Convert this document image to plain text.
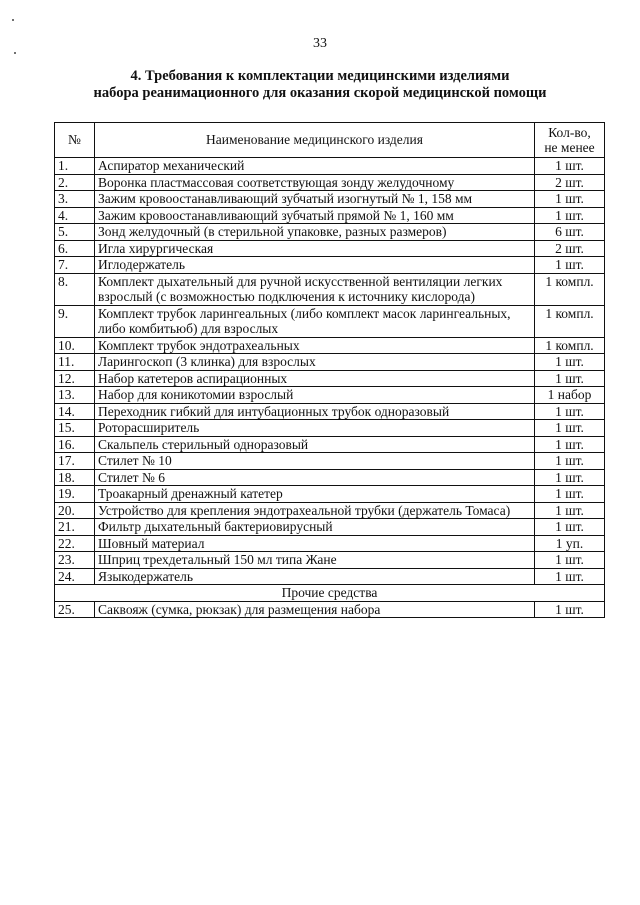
33
4. Требования к комплектации медицинскими изделиями
набора реанимационного для оказания скорой медицинской помощи
№	Наименование медицинского изделия	Кол-во,
не менее

1.	Аспиратор механический	1 шт.
2.	Воронка пластмассовая соответствующая зонду желудочному	2 шт.
3.	Зажим кровоостанавливающий зубчатый изогнутый № 1, 158 мм	1 шт.
4.	Зажим кровоостанавливающий зубчатый прямой № 1, 160 мм	1 шт.
5.	Зонд желудочный (в стерильной упаковке, разных размеров)	6 шт.
6.	Игла хирургическая	2 шт.
7.	Иглодержатель	1 шт.
8.	Комплект дыхательный для ручной искусственной вентиляции легких взрослый (с возможностью подключения к источнику кислорода)	1 компл.
9.	Комплект трубок ларингеальных (либо комплект масок ларингеальных, либо комбитьюб) для взрослых	1 компл.
10.	Комплект трубок эндотрахеальных	1 компл.
11.	Ларингоскоп (3 клинка) для взрослых	1 шт.
12.	Набор катетеров аспирационных	1 шт.
13.	Набор для коникотомии взрослый	1 набор
14.	Переходник гибкий для интубационных трубок одноразовый	1 шт.
15.	Роторасширитель	1 шт.
16.	Скальпель стерильный одноразовый	1 шт.
17.	Стилет № 10	1 шт.
18.	Стилет № 6	1 шт.
19.	Троакарный дренажный катетер	1 шт.
20.	Устройство для крепления эндотрахеальной трубки (держатель Томаса)	1 шт.
21.	Фильтр дыхательный бактериовирусный	1 шт.
22.	Шовный материал	1 уп.
23.	Шприц трехдетальный 150 мл типа Жане	1 шт.
24.	Языкодержатель	1 шт.
Прочие средства		
25.	Саквояж (сумка, рюкзак) для размещения набора	1 шт.
